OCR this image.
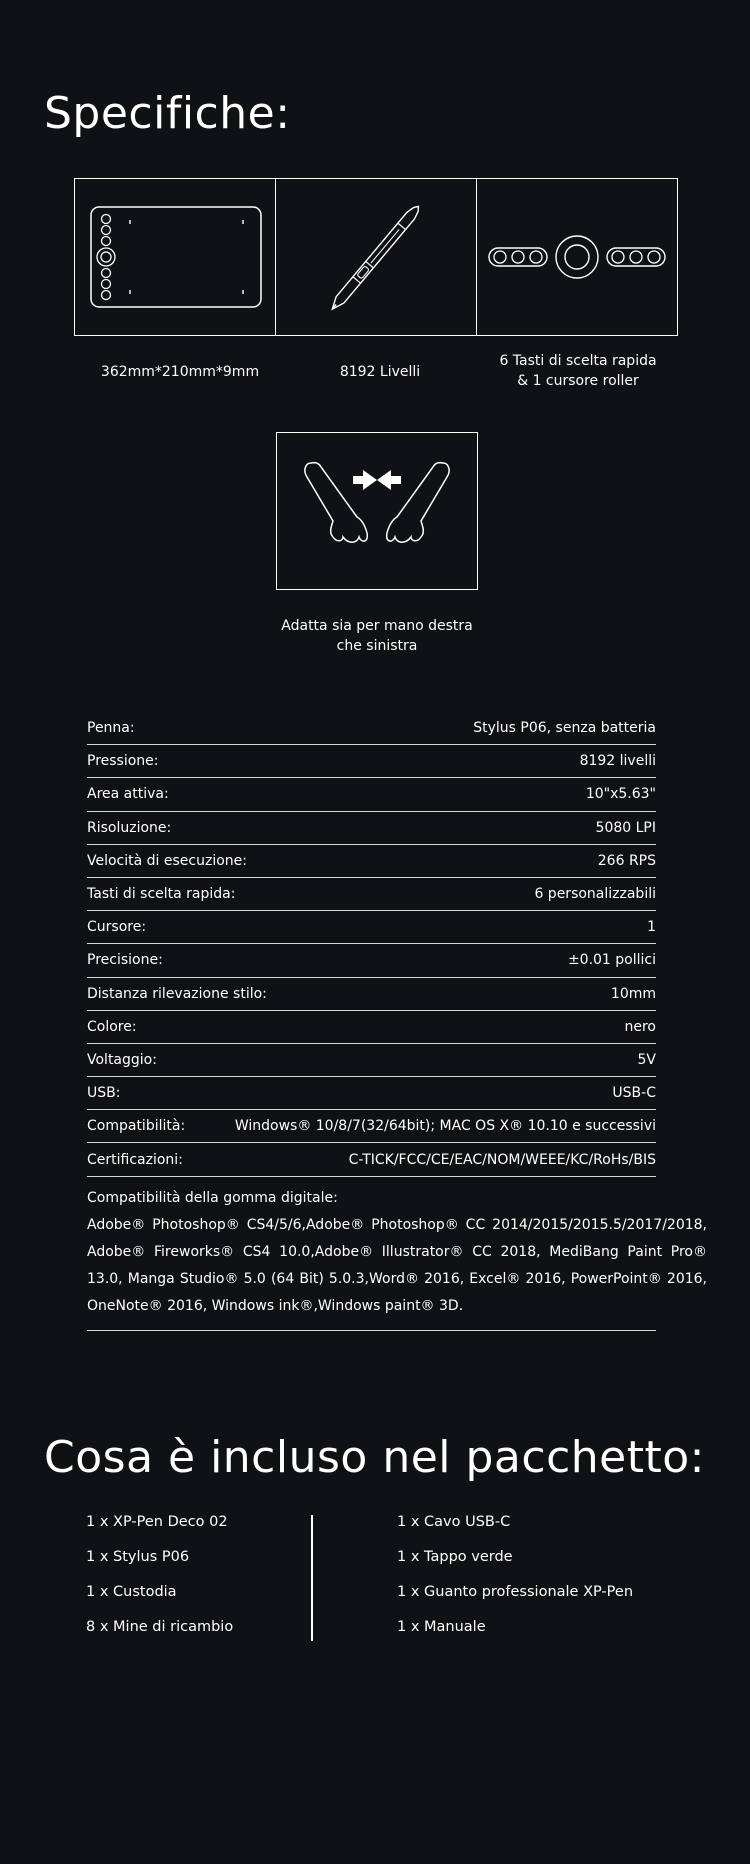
Specifiche:
362mm*210mm*9mm	8192 Livelli
6 Tasti di scelta rapida
& 1 cursore roller
Adatta sia per mano destra
che sinistra
Penna:	Stylus P06, senza batteria
Pressione:	8192 livelli
Area attiva:	10"x5.63"
Risoluzione:	5080 LPI
Velocità di esecuzione:	266 RPS
Tasti di scelta rapida:	6 personalizzabili
Cursore:	1
Precisione:	±0.01 pollici
Distanza rilevazione stilo:	10mm
Colore:	nero
Voltaggio:	5V
USB:	USB-C
Compatibilità:	Windows® 10/8/7(32/64bit); MAC OS X® 10.10 e successivi
Certificazioni:	C-TICK/FCC/CE/EAC/NOM/WEEE/KC/RoHs/BIS
Compatibilità della gomma digitale:
Adobe® Photoshop® CS4/5/6,Adobe® Photoshop® CC 2014/2015/2015.5/2017/2018, Adobe® Fireworks® CS4 10.0,Adobe® Illustrator® CC 2018, MediBang Paint Pro® 13.0, Manga Studio® 5.0 (64 Bit) 5.0.3,Word® 2016, Excel® 2016, PowerPoint® 2016, OneNote® 2016, Windows ink®,Windows paint® 3D.
Cosa è incluso nel pacchetto:
1 x XP-Pen Deco 02
1 x Stylus P06
1 x Custodia
8 x Mine di ricambio
1 x Cavo USB-C
1 x Tappo verde
1 x Guanto professionale XP-Pen
1 x Manuale
